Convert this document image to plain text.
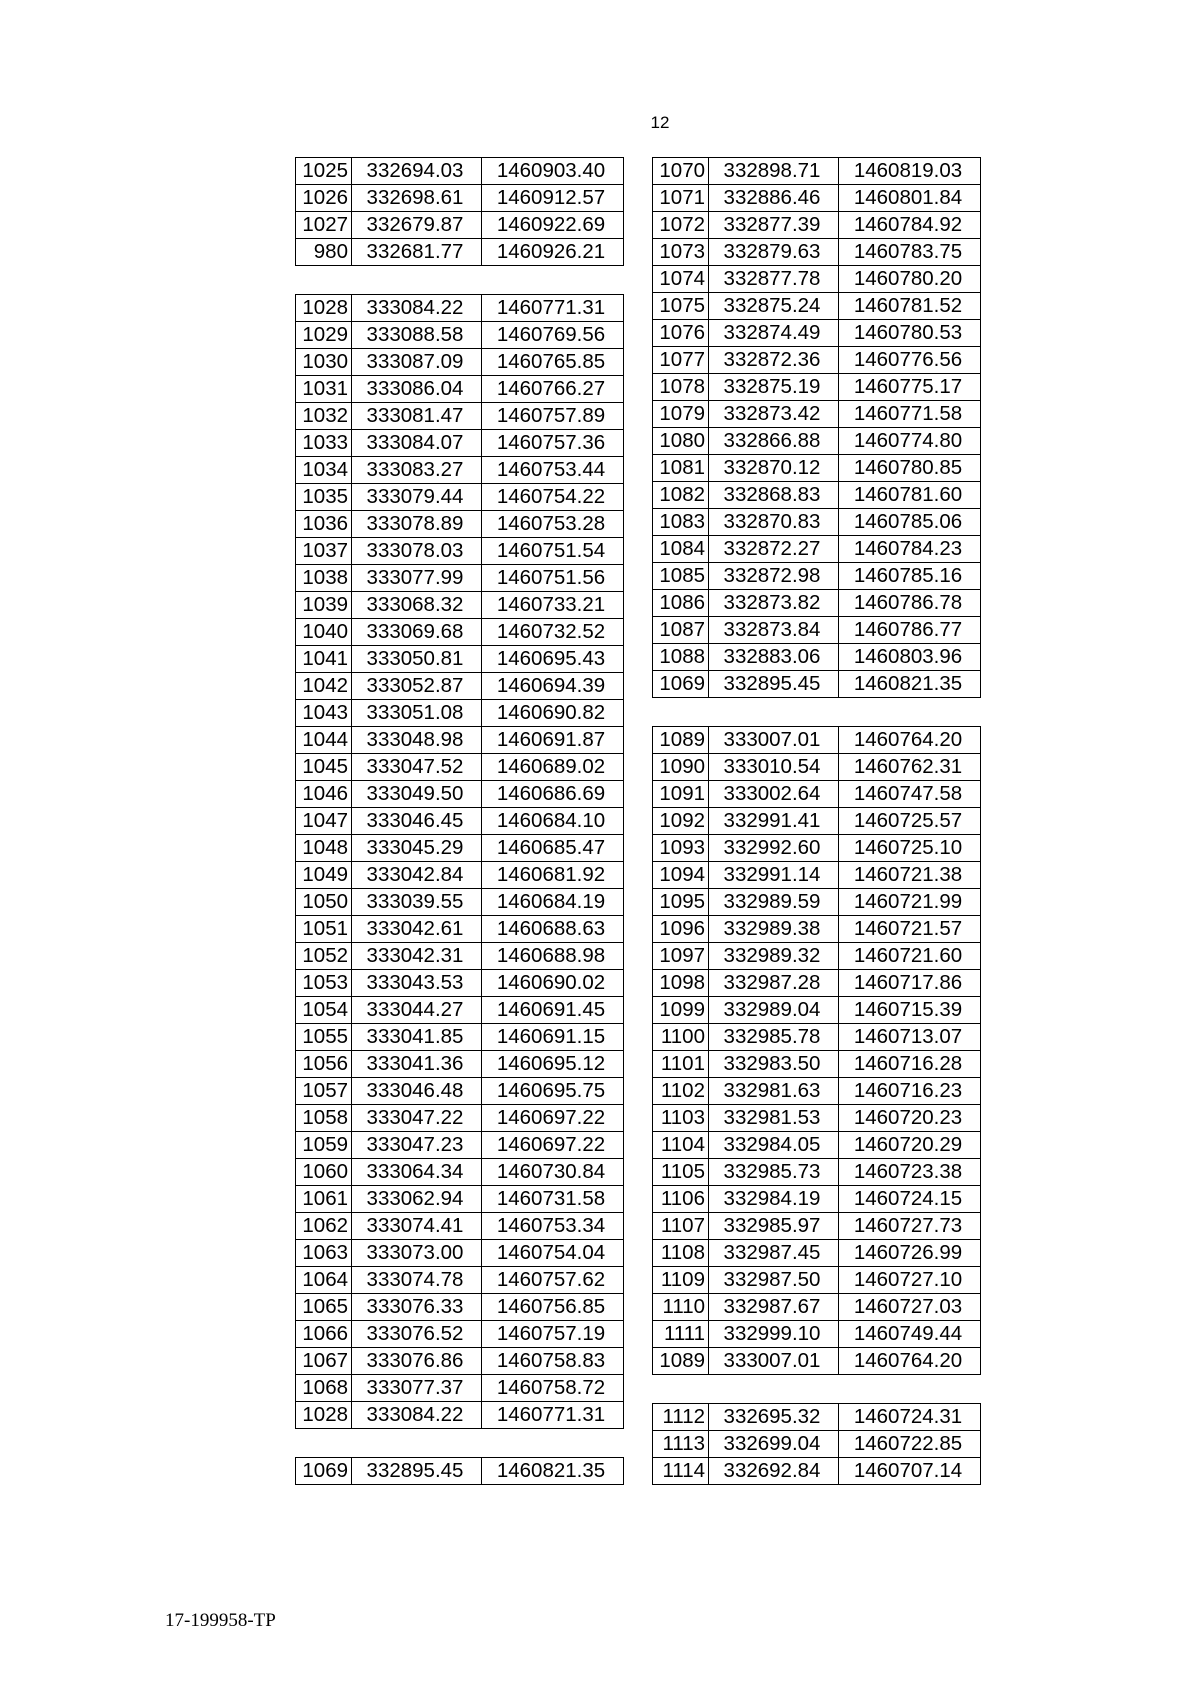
12
1025	332694.03	1460903.40
1026	332698.61	1460912.57
1027	332679.87	1460922.69
980	332681.77	1460926.21
1028	333084.22	1460771.31
1029	333088.58	1460769.56
1030	333087.09	1460765.85
1031	333086.04	1460766.27
1032	333081.47	1460757.89
1033	333084.07	1460757.36
1034	333083.27	1460753.44
1035	333079.44	1460754.22
1036	333078.89	1460753.28
1037	333078.03	1460751.54
1038	333077.99	1460751.56
1039	333068.32	1460733.21
1040	333069.68	1460732.52
1041	333050.81	1460695.43
1042	333052.87	1460694.39
1043	333051.08	1460690.82
1044	333048.98	1460691.87
1045	333047.52	1460689.02
1046	333049.50	1460686.69
1047	333046.45	1460684.10
1048	333045.29	1460685.47
1049	333042.84	1460681.92
1050	333039.55	1460684.19
1051	333042.61	1460688.63
1052	333042.31	1460688.98
1053	333043.53	1460690.02
1054	333044.27	1460691.45
1055	333041.85	1460691.15
1056	333041.36	1460695.12
1057	333046.48	1460695.75
1058	333047.22	1460697.22
1059	333047.23	1460697.22
1060	333064.34	1460730.84
1061	333062.94	1460731.58
1062	333074.41	1460753.34
1063	333073.00	1460754.04
1064	333074.78	1460757.62
1065	333076.33	1460756.85
1066	333076.52	1460757.19
1067	333076.86	1460758.83
1068	333077.37	1460758.72
1028	333084.22	1460771.31
1069	332895.45	1460821.35
1070	332898.71	1460819.03
1071	332886.46	1460801.84
1072	332877.39	1460784.92
1073	332879.63	1460783.75
1074	332877.78	1460780.20
1075	332875.24	1460781.52
1076	332874.49	1460780.53
1077	332872.36	1460776.56
1078	332875.19	1460775.17
1079	332873.42	1460771.58
1080	332866.88	1460774.80
1081	332870.12	1460780.85
1082	332868.83	1460781.60
1083	332870.83	1460785.06
1084	332872.27	1460784.23
1085	332872.98	1460785.16
1086	332873.82	1460786.78
1087	332873.84	1460786.77
1088	332883.06	1460803.96
1069	332895.45	1460821.35
1089	333007.01	1460764.20
1090	333010.54	1460762.31
1091	333002.64	1460747.58
1092	332991.41	1460725.57
1093	332992.60	1460725.10
1094	332991.14	1460721.38
1095	332989.59	1460721.99
1096	332989.38	1460721.57
1097	332989.32	1460721.60
1098	332987.28	1460717.86
1099	332989.04	1460715.39
1100	332985.78	1460713.07
1101	332983.50	1460716.28
1102	332981.63	1460716.23
1103	332981.53	1460720.23
1104	332984.05	1460720.29
1105	332985.73	1460723.38
1106	332984.19	1460724.15
1107	332985.97	1460727.73
1108	332987.45	1460726.99
1109	332987.50	1460727.10
1110	332987.67	1460727.03
1111	332999.10	1460749.44
1089	333007.01	1460764.20
1112	332695.32	1460724.31
1113	332699.04	1460722.85
1114	332692.84	1460707.14
17-199958-TP
